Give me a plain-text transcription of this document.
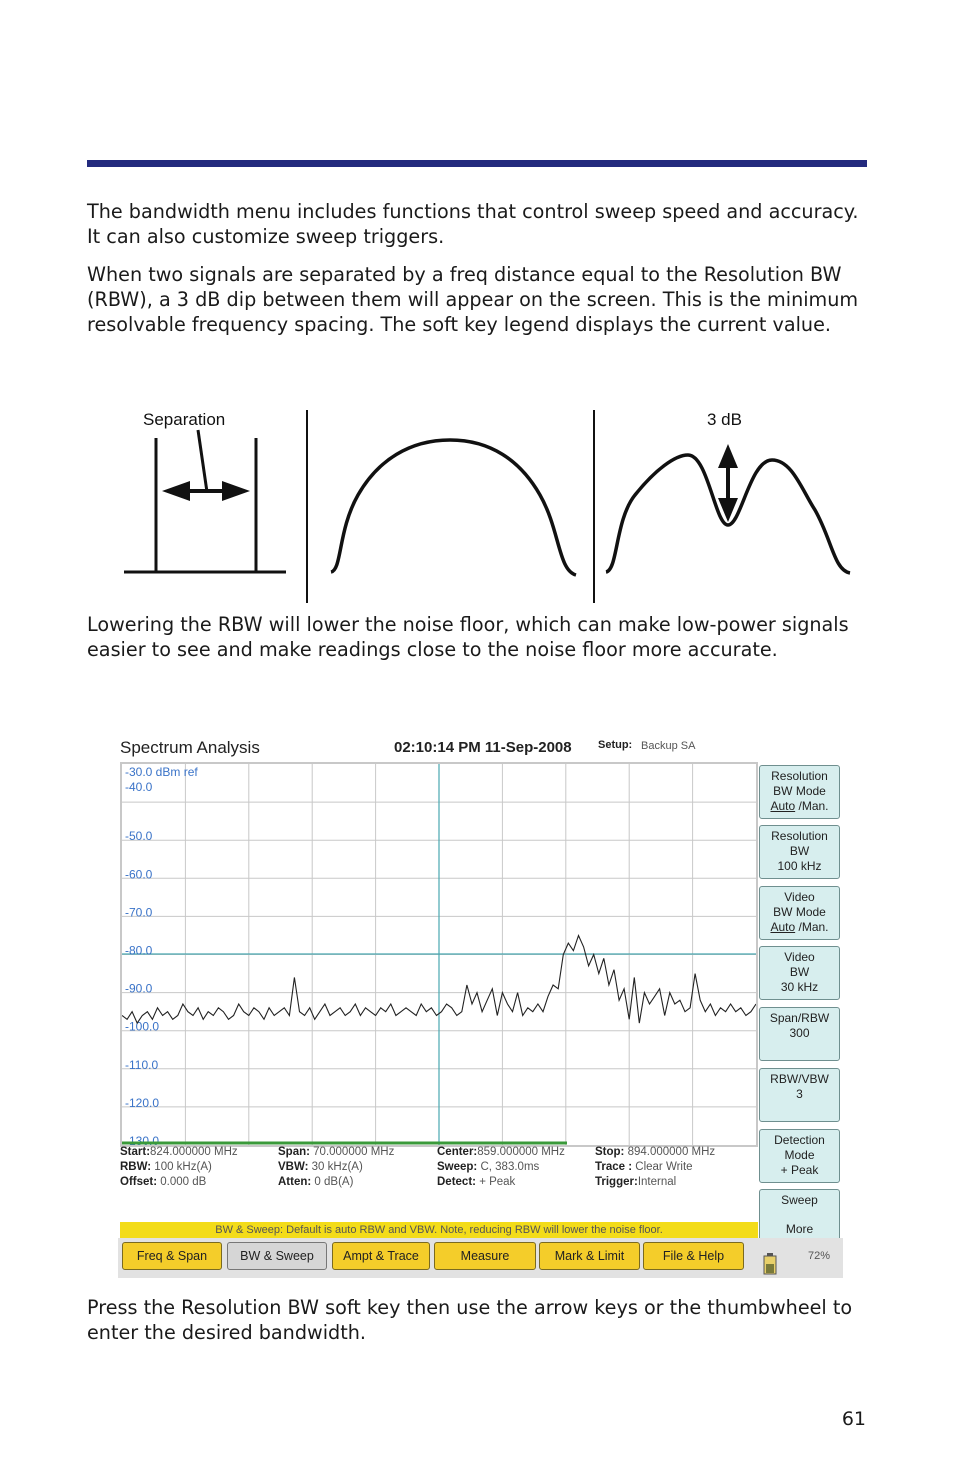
The bandwidth menu includes functions that control sweep speed and accuracy. It can also customize sweep triggers.

When two signals are separated by a freq distance equal to the Resolution BW (RBW), a 3 dB dip between them will appear on the screen. This is the minimum resolvable frequency spacing. The soft key legend displays the current value.

Separation	3 dB

Lowering the RBW will lower the noise floor, which can make low-power signals easier to see and make readings close to the noise floor more accurate.

Spectrum Analysis	02:10:14 PM 11-Sep-2008 Setup: Backup SA
-30.0 dBm ref
-40.0
-50.0
-60.0
-70.0
-80.0
-90.0
-100.0
-110.0
-120.0
-130.0
Start:824.000000 MHz	Span: 70.000000 MHz	Center:859.000000 MHz	Stop: 894.000000 MHz
RBW: 100 kHz(A)	VBW: 30 kHz(A)	Sweep: C, 383.0ms	Trace : Clear Write
Offset: 0.000 dB	Atten: 0 dB(A)	Detect: + Peak	Trigger:Internal
Resolution
BW Mode
Auto /Man.
Resolution
BW
100 kHz
Video
BW Mode
Auto /Man.
Video
BW
30 kHz
Span/RBW
300
RBW/VBW
3
Detection
Mode
+ Peak
Sweep
More
BW & Sweep: Default is auto RBW and VBW. Note, reducing RBW will lower the noise floor.
Freq & Span	BW & Sweep	Ampt & Trace	Measure	Mark & Limit	File & Help	72%

Press the Resolution BW soft key then use the arrow keys or the thumbwheel to enter the desired bandwidth.

61
